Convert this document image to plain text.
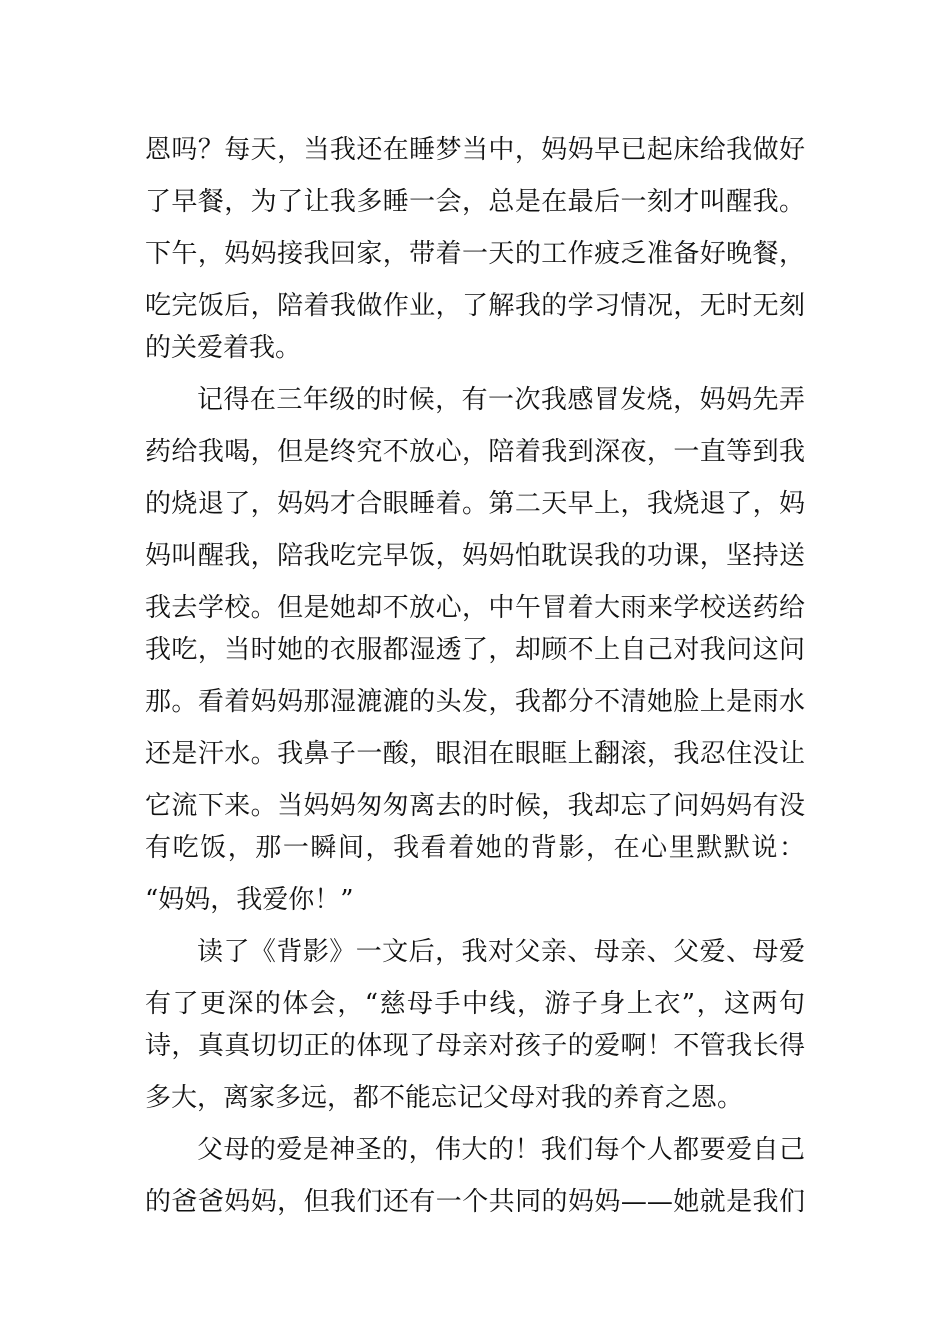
恩吗？每天，当我还在睡梦当中，妈妈早已起床给我做好
了早餐，为了让我多睡一会，总是在最后一刻才叫醒我。
下午，妈妈接我回家，带着一天的工作疲乏准备好晚餐，
吃完饭后，陪着我做作业，了解我的学习情况，无时无刻
的关爱着我。
记得在三年级的时候，有一次我感冒发烧，妈妈先弄
药给我喝，但是终究不放心，陪着我到深夜，一直等到我
的烧退了，妈妈才合眼睡着。第二天早上，我烧退了，妈
妈叫醒我，陪我吃完早饭，妈妈怕耽误我的功课，坚持送
我去学校。但是她却不放心，中午冒着大雨来学校送药给
我吃，当时她的衣服都湿透了，却顾不上自己对我问这问
那。看着妈妈那湿漉漉的头发，我都分不清她脸上是雨水
还是汗水。我鼻子一酸，眼泪在眼眶上翻滚，我忍住没让
它流下来。当妈妈匆匆离去的时候，我却忘了问妈妈有没
有吃饭，那一瞬间，我看着她的背影，在心里默默说：
“妈妈，我爱你！”
读了《背影》一文后，我对父亲、母亲、父爱、母爱
有了更深的体会，“慈母手中线，游子身上衣”，这两句
诗，真真切切正的体现了母亲对孩子的爱啊！不管我长得
多大，离家多远，都不能忘记父母对我的养育之恩。
父母的爱是神圣的，伟大的！我们每个人都要爱自己
的爸爸妈妈，但我们还有一个共同的妈妈——她就是我们
